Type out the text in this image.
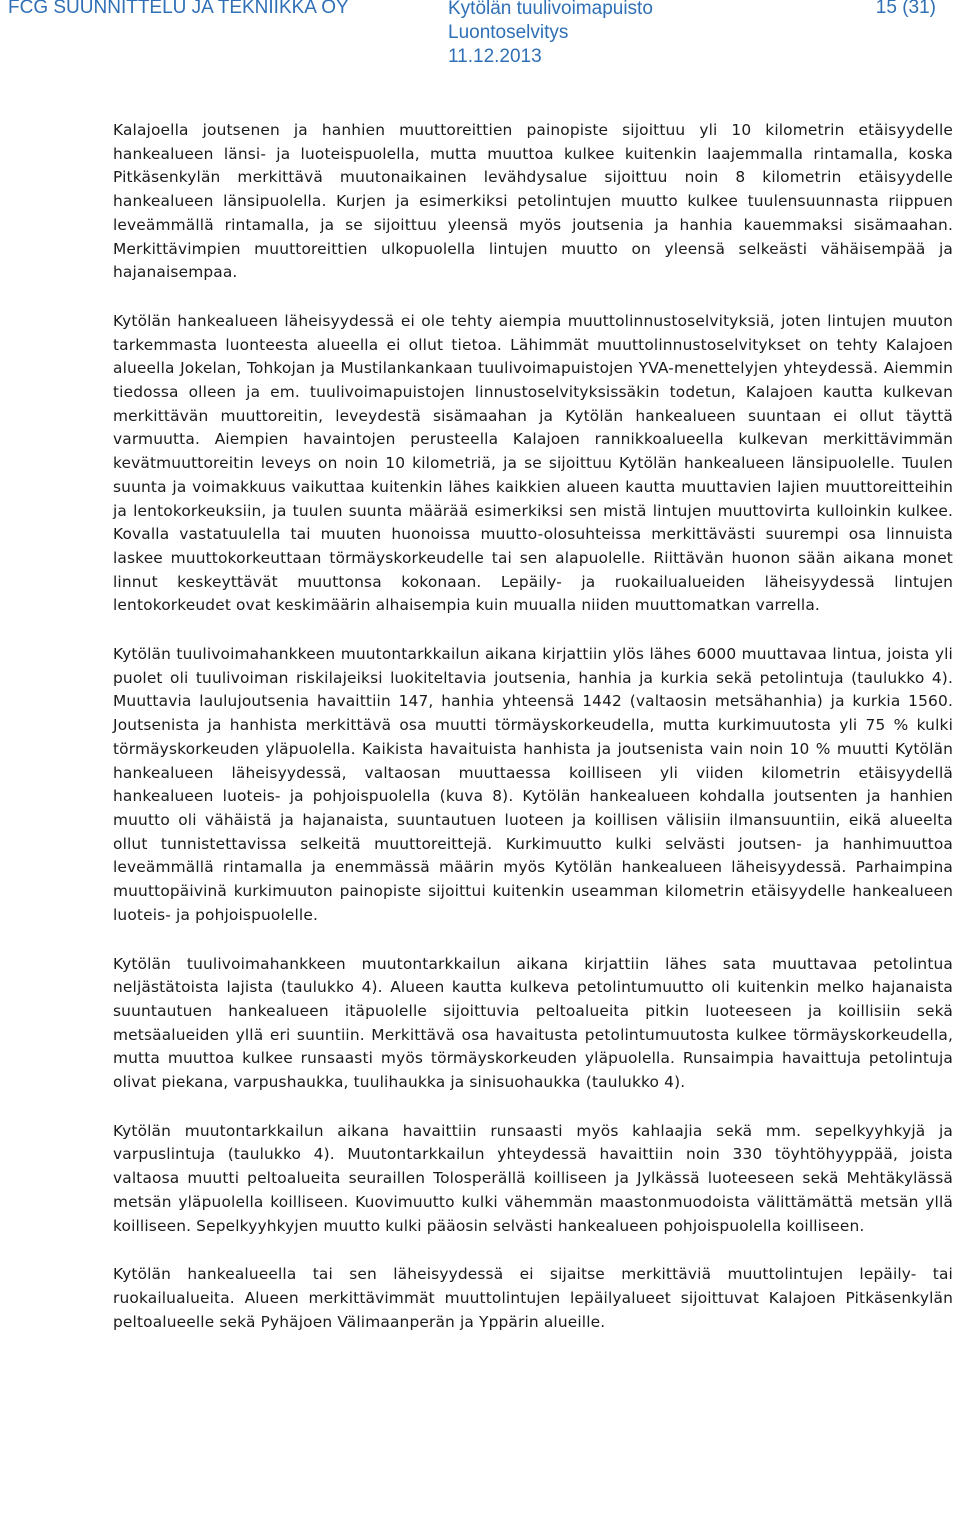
FCG SUUNNITTELU JA TEKNIIKKA OY	Kytölän tuulivoimapuisto
Luontoselvitys
11.12.2013
15 (31)

Kalajoella joutsenen ja hanhien muuttoreittien painopiste sijoittuu yli 10 kilometrin etäisyydelle hankealueen länsi- ja luoteispuolella, mutta muuttoa kulkee kuitenkin laajemmalla rintamalla, koska Pitkäsenkylän merkittävä muutonaikainen levähdysalue sijoittuu noin 8 kilometrin etäisyydelle hankealueen länsipuolella. Kurjen ja esimerkiksi petolintujen muutto kulkee tuulensuunnasta riippuen leveämmällä rintamalla, ja se sijoittuu yleensä myös joutsenia ja hanhia kauemmaksi sisämaahan. Merkittävimpien muuttoreittien ulkopuolella lintujen muutto on yleensä selkeästi vähäisempää ja hajanaisempaa.

Kytölän hankealueen läheisyydessä ei ole tehty aiempia muuttolinnustoselvityksiä, joten lintujen muuton tarkemmasta luonteesta alueella ei ollut tietoa. Lähimmät muuttolinnustoselvitykset on tehty Kalajoen alueella Jokelan, Tohkojan ja Mustilankankaan tuulivoimapuistojen YVA-menettelyjen yhteydessä. Aiemmin tiedossa olleen ja em. tuulivoimapuistojen linnustoselvityksissäkin todetun, Kalajoen kautta kulkevan merkittävän muuttoreitin, leveydestä sisämaahan ja Kytölän hankealueen suuntaan ei ollut täyttä varmuutta. Aiempien havaintojen perusteella Kalajoen rannikkoalueella kulkevan merkittävimmän kevätmuuttoreitin leveys on noin 10 kilometriä, ja se sijoittuu Kytölän hankealueen länsipuolelle. Tuulen suunta ja voimakkuus vaikuttaa kuitenkin lähes kaikkien alueen kautta muuttavien lajien muuttoreitteihin ja lentokorkeuksiin, ja tuulen suunta määrää esimerkiksi sen mistä lintujen muuttovirta kulloinkin kulkee. Kovalla vastatuulella tai muuten huonoissa muutto-olosuhteissa merkittävästi suurempi osa linnuista laskee muuttokorkeuttaan törmäyskorkeudelle tai sen alapuolelle. Riittävän huonon sään aikana monet linnut keskeyttävät muuttonsa kokonaan. Lepäily- ja ruokailualueiden läheisyydessä lintujen lentokorkeudet ovat keskimäärin alhaisempia kuin muualla niiden muuttomatkan varrella.

Kytölän tuulivoimahankkeen muutontarkkailun aikana kirjattiin ylös lähes 6000 muuttavaa lintua, joista yli puolet oli tuulivoiman riskilajeiksi luokiteltavia joutsenia, hanhia ja kurkia sekä petolintuja (taulukko 4). Muuttavia laulujoutsenia havaittiin 147, hanhia yhteensä 1442 (valtaosin metsähanhia) ja kurkia 1560. Joutsenista ja hanhista merkittävä osa muutti törmäyskorkeudella, mutta kurkimuutosta yli 75 % kulki törmäyskorkeuden yläpuolella. Kaikista havaituista hanhista ja joutsenista vain noin 10 % muutti Kytölän hankealueen läheisyydessä, valtaosan muuttaessa koilliseen yli viiden kilometrin etäisyydellä hankealueen luoteis- ja pohjoispuolella (kuva 8). Kytölän hankealueen kohdalla joutsenten ja hanhien muutto oli vähäistä ja hajanaista, suuntautuen luoteen ja koillisen välisiin ilmansuuntiin, eikä alueelta ollut tunnistettavissa selkeitä muuttoreittejä. Kurkimuutto kulki selvästi joutsen- ja hanhimuuttoa leveämmällä rintamalla ja enemmässä määrin myös Kytölän hankealueen läheisyydessä. Parhaimpina muuttopäivinä kurkimuuton painopiste sijoittui kuitenkin useamman kilometrin etäisyydelle hankealueen luoteis- ja pohjoispuolelle.

Kytölän tuulivoimahankkeen muutontarkkailun aikana kirjattiin lähes sata muuttavaa petolintua neljästätoista lajista (taulukko 4). Alueen kautta kulkeva petolintumuutto oli kuitenkin melko hajanaista suuntautuen hankealueen itäpuolelle sijoittuvia peltoalueita pitkin luoteeseen ja koillisiin sekä metsäalueiden yllä eri suuntiin. Merkittävä osa havaitusta petolintumuutosta kulkee törmäyskorkeudella, mutta muuttoa kulkee runsaasti myös törmäyskorkeuden yläpuolella. Runsaimpia havaittuja petolintuja olivat piekana, varpushaukka, tuulihaukka ja sinisuohaukka (taulukko 4).

Kytölän muutontarkkailun aikana havaittiin runsaasti myös kahlaajia sekä mm. sepelkyyhkyjä ja varpuslintuja (taulukko 4). Muutontarkkailun yhteydessä havaittiin noin 330 töyhtöhyyppää, joista valtaosa muutti peltoalueita seuraillen Tolosperällä koilliseen ja Jylkässä luoteeseen sekä Mehtäkylässä metsän yläpuolella koilliseen. Kuovimuutto kulki vähemmän maastonmuodoista välittämättä metsän yllä koilliseen. Sepelkyyhkyjen muutto kulki pääosin selvästi hankealueen pohjoispuolella koilliseen.

Kytölän hankealueella tai sen läheisyydessä ei sijaitse merkittäviä muuttolintujen lepäily- tai ruokailualueita. Alueen merkittävimmät muuttolintujen lepäilyalueet sijoittuvat Kalajoen Pitkäsenkylän peltoalueelle sekä Pyhäjoen Välimaanperän ja Yppärin alueille.
